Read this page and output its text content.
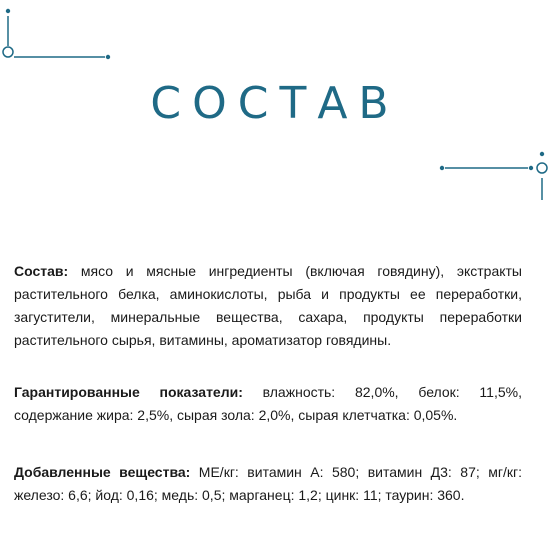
СОСТАВ

Состав: мясо и мясные ингредиенты (включая говядину), экстракты растительного белка, аминокислоты, рыба и продукты ее переработки, загустители, минеральные вещества, сахара, продукты переработки растительного сырья, витамины, ароматизатор говядины.

Гарантированные показатели: влажность: 82,0%, белок: 11,5%, содержание жира: 2,5%, сырая зола: 2,0%, сырая клетчатка: 0,05%.

Добавленные вещества: МЕ/кг: витамин А: 580; витамин Д3: 87; мг/кг: железо: 6,6; йод: 0,16; медь: 0,5; марганец: 1,2; цинк: 11; таурин: 360.
